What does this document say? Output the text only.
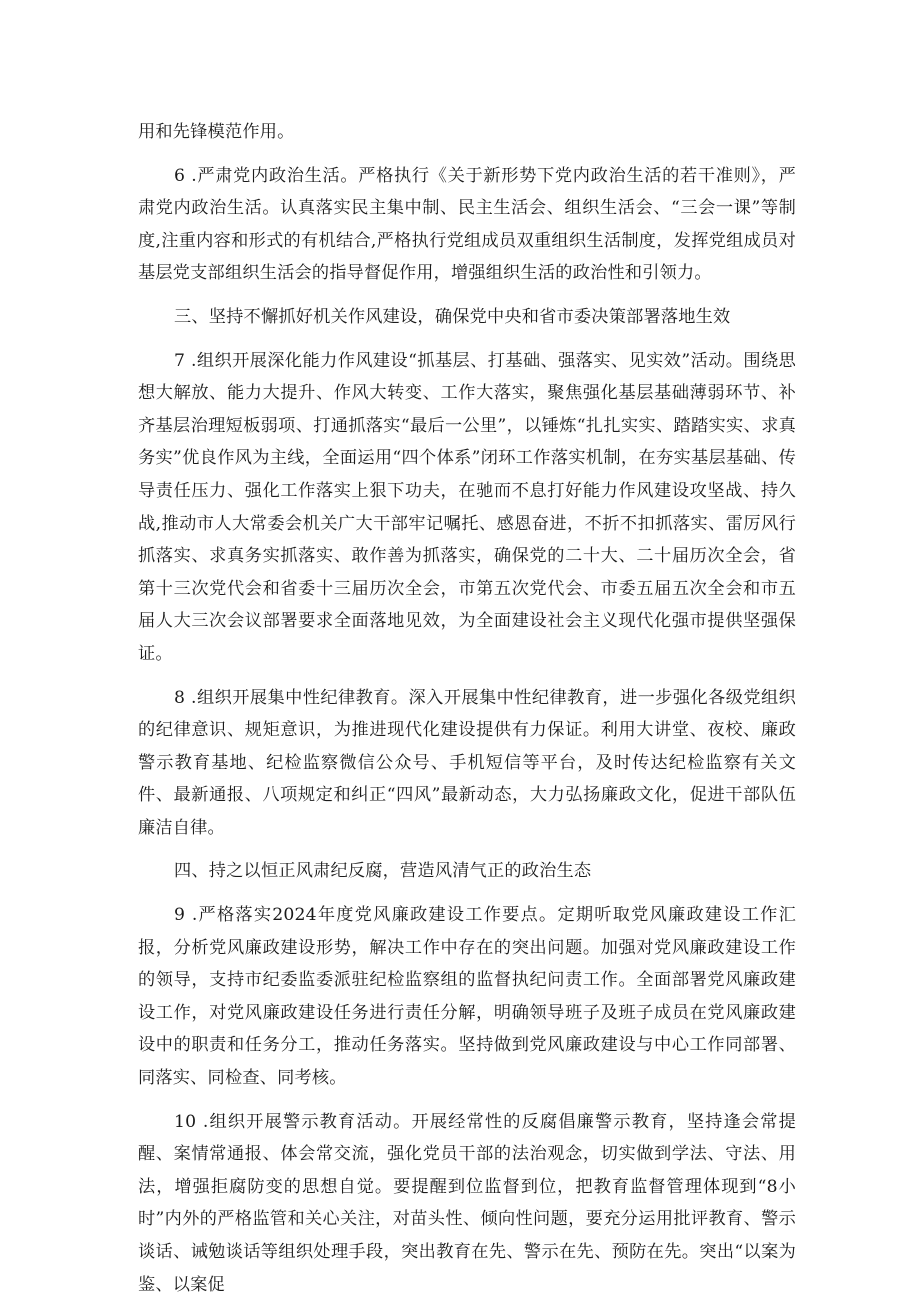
用和先锋模范作用。

6 .严肃党内政治生活。严格执行《关于新形势下党内政治生活的若干准则》，严肃党内政治生活。认真落实民主集中制、民主生活会、组织生活会、“三会一课”等制度,注重内容和形式的有机结合,严格执行党组成员双重组织生活制度，发挥党组成员对基层党支部组织生活会的指导督促作用，增强组织生活的政治性和引领力。

三、坚持不懈抓好机关作风建设，确保党中央和省市委决策部署落地生效

7 .组织开展深化能力作风建设“抓基层、打基础、强落实、见实效”活动。围绕思想大解放、能力大提升、作风大转变、工作大落实，聚焦强化基层基础薄弱环节、补齐基层治理短板弱项、打通抓落实“最后一公里”，以锤炼“扎扎实实、踏踏实实、求真务实”优良作风为主线，全面运用“四个体系”闭环工作落实机制，在夯实基层基础、传导责任压力、强化工作落实上狠下功夫，在驰而不息打好能力作风建设攻坚战、持久战,推动市人大常委会机关广大干部牢记嘱托、感恩奋进，不折不扣抓落实、雷厉风行抓落实、求真务实抓落实、敢作善为抓落实，确保党的二十大、二十届历次全会，省第十三次党代会和省委十三届历次全会，市第五次党代会、市委五届五次全会和市五届人大三次会议部署要求全面落地见效，为全面建设社会主义现代化强市提供坚强保证。

8 .组织开展集中性纪律教育。深入开展集中性纪律教育，进一步强化各级党组织的纪律意识、规矩意识，为推进现代化建设提供有力保证。利用大讲堂、夜校、廉政警示教育基地、纪检监察微信公众号、手机短信等平台，及时传达纪检监察有关文件、最新通报、八项规定和纠正“四风”最新动态，大力弘扬廉政文化，促进干部队伍廉洁自律。

四、持之以恒正风肃纪反腐，营造风清气正的政治生态

9 .严格落实2024年度党风廉政建设工作要点。定期听取党风廉政建设工作汇报，分析党风廉政建设形势，解决工作中存在的突出问题。加强对党风廉政建设工作的领导，支持市纪委监委派驻纪检监察组的监督执纪问责工作。全面部署党风廉政建设工作，对党风廉政建设任务进行责任分解，明确领导班子及班子成员在党风廉政建设中的职责和任务分工，推动任务落实。坚持做到党风廉政建设与中心工作同部署、同落实、同检查、同考核。

10 .组织开展警示教育活动。开展经常性的反腐倡廉警示教育，坚持逢会常提醒、案情常通报、体会常交流，强化党员干部的法治观念，切实做到学法、守法、用法，增强拒腐防变的思想自觉。要提醒到位监督到位，把教育监督管理体现到“8小时”内外的严格监管和关心关注，对苗头性、倾向性问题，要充分运用批评教育、警示谈话、诫勉谈话等组织处理手段，突出教育在先、警示在先、预防在先。突出“以案为鉴、以案促
